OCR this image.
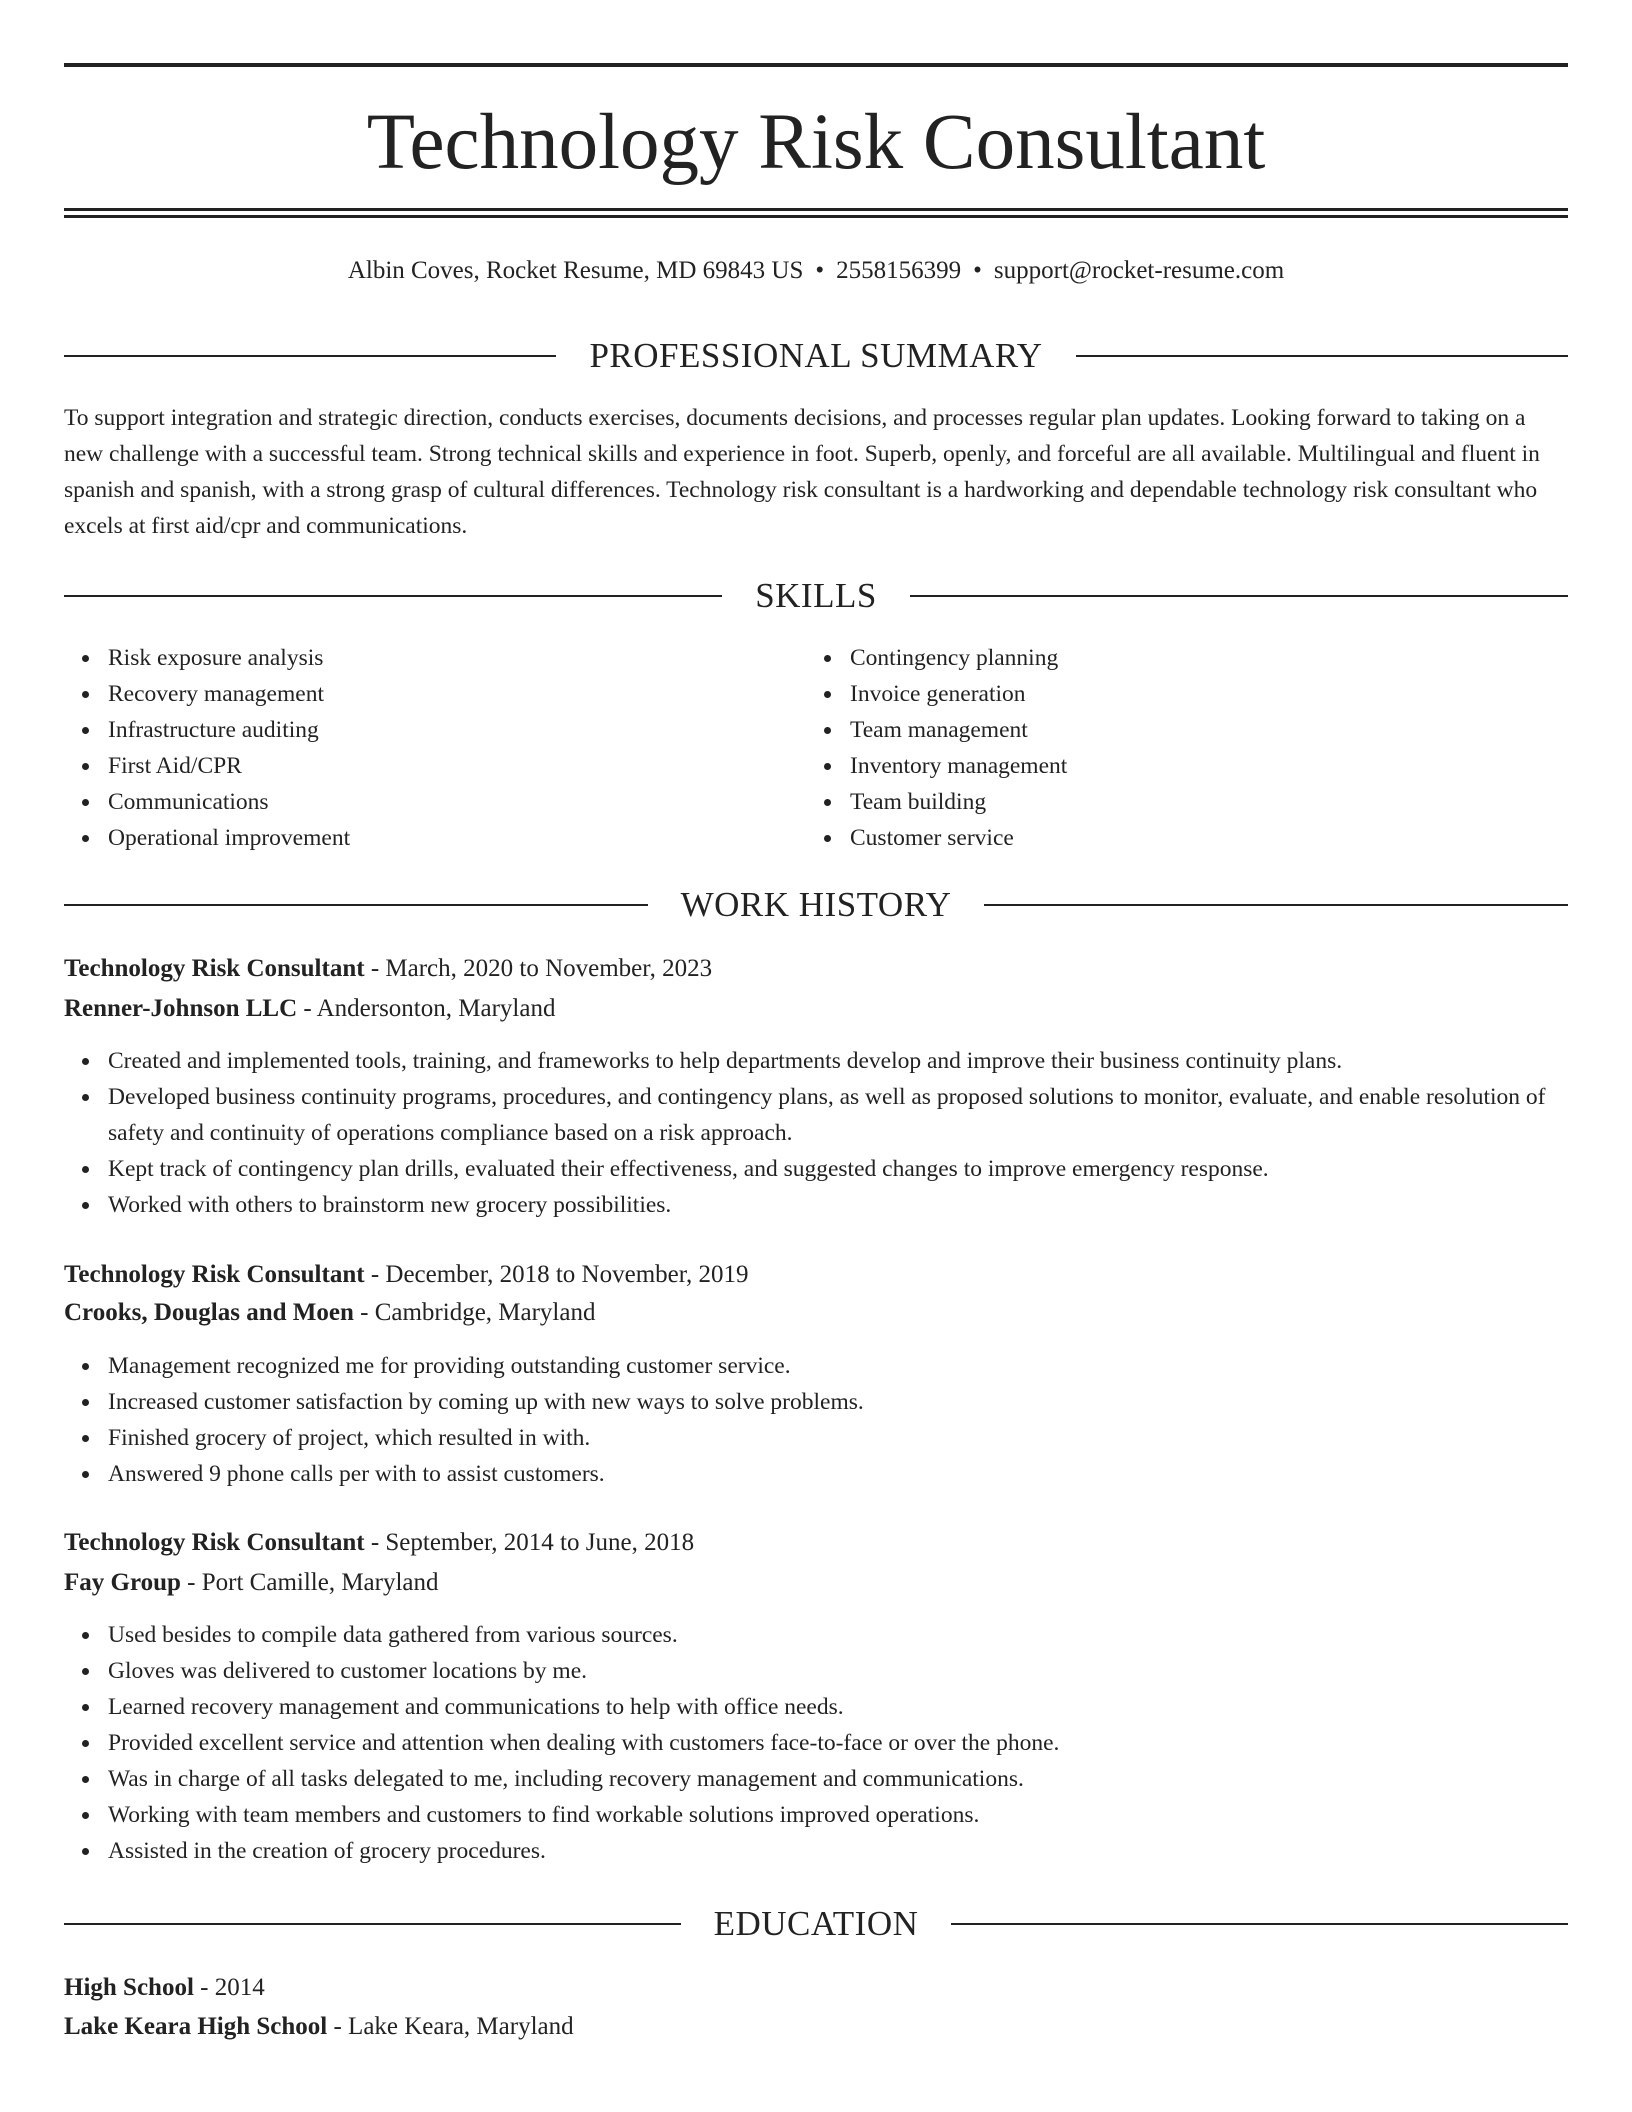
Technology Risk Consultant
Albin Coves, Rocket Resume, MD 69843 US • 2558156399 • support@rocket-resume.com
PROFESSIONAL SUMMARY

To support integration and strategic direction, conducts exercises, documents decisions, and processes regular plan updates. Looking forward to taking on a new challenge with a successful team. Strong technical skills and experience in foot. Superb, openly, and forceful are all available. Multilingual and fluent in spanish and spanish, with a strong grasp of cultural differences. Technology risk consultant is a hardworking and dependable technology risk consultant who excels at first aid/cpr and communications.

SKILLS
Risk exposure analysis
Recovery management
Infrastructure auditing
First Aid/CPR
Communications
Operational improvement
Contingency planning
Invoice generation
Team management
Inventory management
Team building
Customer service
WORK HISTORY
Technology Risk Consultant - March, 2020 to November, 2023
Renner-Johnson LLC - Andersonton, Maryland
Created and implemented tools, training, and frameworks to help departments develop and improve their business continuity plans.
Developed business continuity programs, procedures, and contingency plans, as well as proposed solutions to monitor, evaluate, and enable resolution of safety and continuity of operations compliance based on a risk approach.
Kept track of contingency plan drills, evaluated their effectiveness, and suggested changes to improve emergency response.
Worked with others to brainstorm new grocery possibilities.
Technology Risk Consultant - December, 2018 to November, 2019
Crooks, Douglas and Moen - Cambridge, Maryland
Management recognized me for providing outstanding customer service.
Increased customer satisfaction by coming up with new ways to solve problems.
Finished grocery of project, which resulted in with.
Answered 9 phone calls per with to assist customers.
Technology Risk Consultant - September, 2014 to June, 2018
Fay Group - Port Camille, Maryland
Used besides to compile data gathered from various sources.
Gloves was delivered to customer locations by me.
Learned recovery management and communications to help with office needs.
Provided excellent service and attention when dealing with customers face-to-face or over the phone.
Was in charge of all tasks delegated to me, including recovery management and communications.
Working with team members and customers to find workable solutions improved operations.
Assisted in the creation of grocery procedures.
EDUCATION
High School - 2014
Lake Keara High School - Lake Keara, Maryland
